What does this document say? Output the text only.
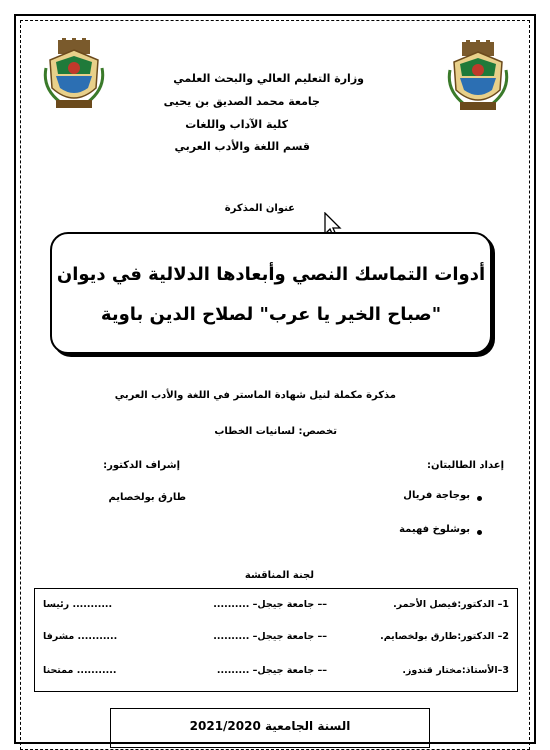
وزارة التعليم العالي والبحث العلمي
جامعة محمد الصديق بن يحيى
كلية الآداب واللغات
قسم اللغة والأدب العربي
عنوان المذكرة
أدوات التماسك النصي وأبعادها الدلالية في ديوان
"صباح الخير يا عرب" لصلاح الدين باوية
مذكرة مكملة لنيل شهادة الماستر في اللغة والأدب العربي
تخصص: لسانيات الخطاب
إعداد الطالبتان:
بوجاجة فريال
بوشلوخ فهيمة
إشراف الدكتور:
طارق بولخصايم
لجنة المناقشة
1– الدكتور:فيصل الأحمر.
–– جامعة جيجل– ..........
........... رئيسا
2– الدكتور:طارق بولخصايم.
–– جامعة جيجل– ..........
........... مشرفا
3–الأستاذ:مختار قندوز.
–– جامعة جيجل– .........
........... ممتحنا
السنة الجامعية 2021/2020
